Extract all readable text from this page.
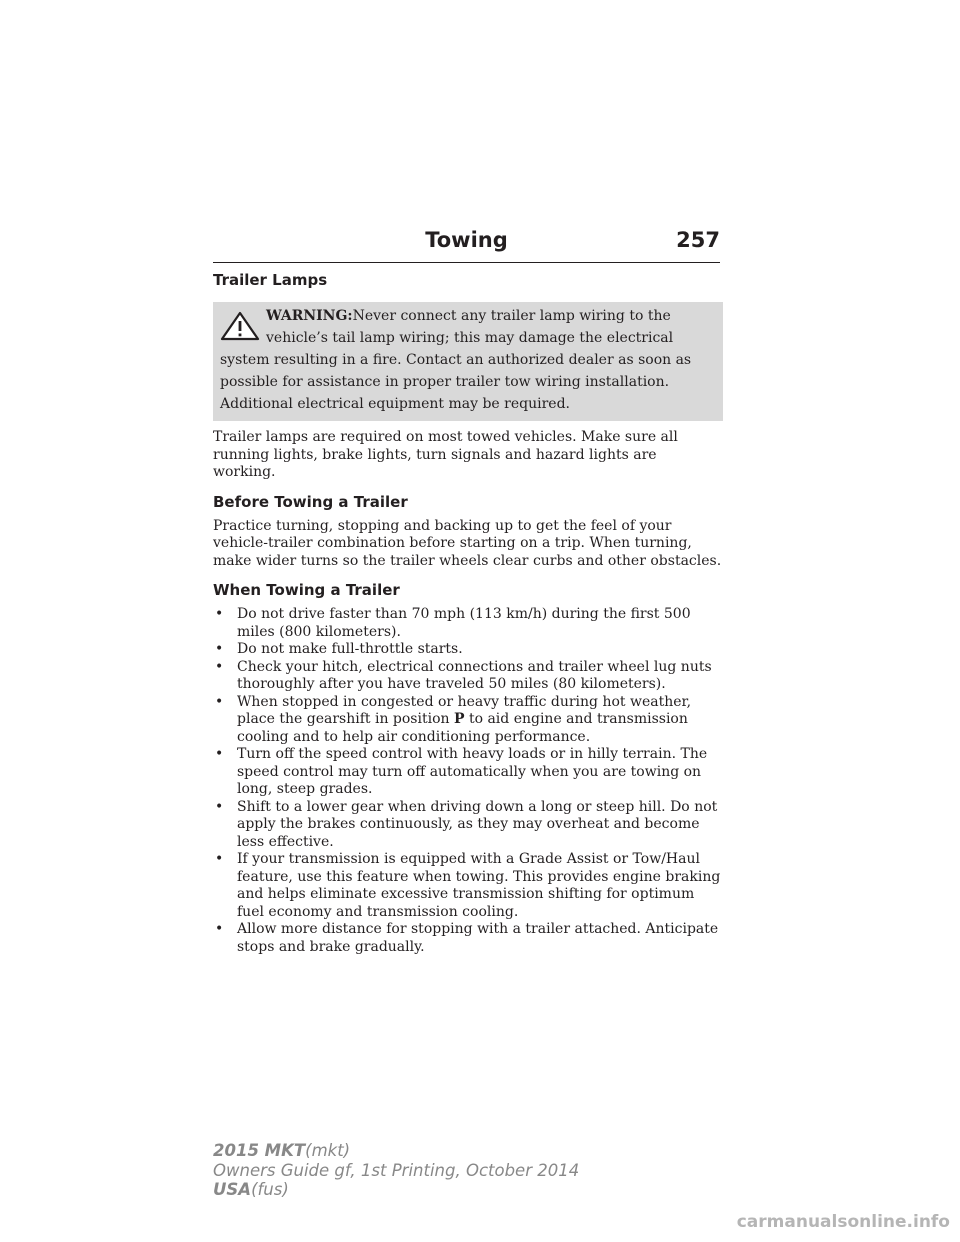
Towing	257
Trailer Lamps
WARNING:Never connect any trailer lamp wiring to the vehicle’s tail lamp wiring; this may damage the electrical system resulting in a fire. Contact an authorized dealer as soon as possible for assistance in proper trailer tow wiring installation. Additional electrical equipment may be required.

Trailer lamps are required on most towed vehicles. Make sure all running lights, brake lights, turn signals and hazard lights are working.

Before Towing a Trailer

Practice turning, stopping and backing up to get the feel of your vehicle-trailer combination before starting on a trip. When turning, make wider turns so the trailer wheels clear curbs and other obstacles.

When Towing a Trailer
• Do not drive faster than 70 mph (113 km/h) during the first 500 miles (800 kilometers).
• Do not make full-throttle starts.
• Check your hitch, electrical connections and trailer wheel lug nuts thoroughly after you have traveled 50 miles (80 kilometers).
• When stopped in congested or heavy traffic during hot weather, place the gearshift in position P to aid engine and transmission cooling and to help air conditioning performance.
• Turn off the speed control with heavy loads or in hilly terrain. The speed control may turn off automatically when you are towing on long, steep grades.
• Shift to a lower gear when driving down a long or steep hill. Do not apply the brakes continuously, as they may overheat and become less effective.
• If your transmission is equipped with a Grade Assist or Tow/Haul feature, use this feature when towing. This provides engine braking and helps eliminate excessive transmission shifting for optimum fuel economy and transmission cooling.
• Allow more distance for stopping with a trailer attached. Anticipate stops and brake gradually.
2015 MKT(mkt)
Owners Guide gf, 1st Printing, October 2014
USA(fus)
carmanualsonline.info
